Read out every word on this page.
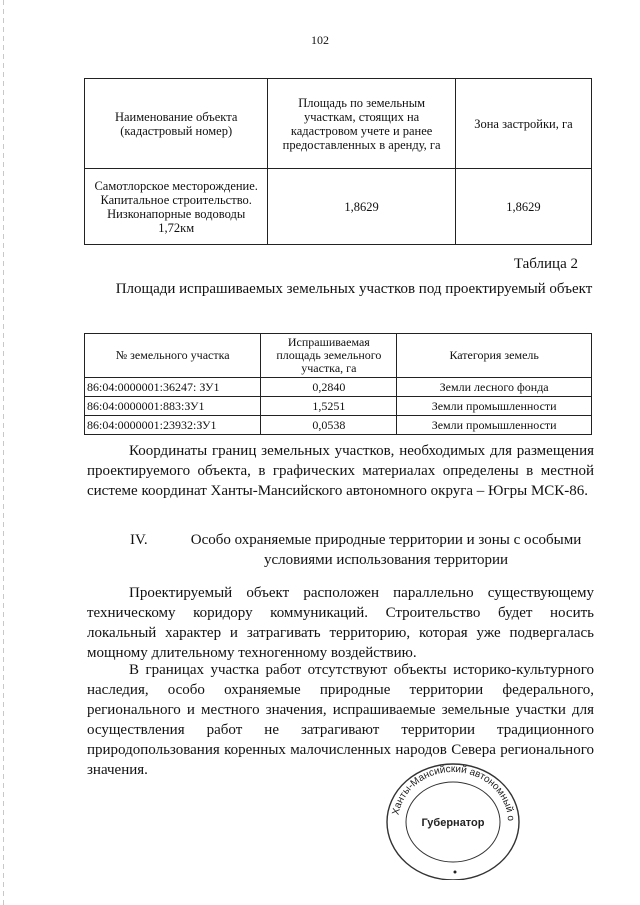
102
Наименование объекта (кадастровый номер)	Площадь по земельным участкам, стоящих на кадастровом учете и ранее предоставленных в аренду, га	Зона застройки, га
Самотлорское месторождение. Капитальное строительство. Низконапорные водоводы 1,72км	1,8629	1,8629
Таблица 2
Площади испрашиваемых земельных участков под проектируемый объект
№ земельного участка	Испрашиваемая площадь земельного участка, га	Категория земель
86:04:0000001:36247: ЗУ1	0,2840	Земли лесного фонда
86:04:0000001:883:ЗУ1	1,5251	Земли промышленности
86:04:0000001:23932:ЗУ1	0,0538	Земли промышленности
Координаты границ земельных участков, необходимых для размещения проектируемого объекта, в графических материалах определены в местной системе координат Ханты-Мансийского автономного округа – Югры МСК-86.
IV.	Особо охраняемые природные территории и зоны с особыми условиями использования территории
Проектируемый объект расположен параллельно существующему техническому коридору коммуникаций. Строительство будет носить локальный характер и затрагивать территорию, которая уже подвергалась мощному длительному техногенному воздействию.
В границах участка работ отсутствуют объекты историко-культурного наследия, особо охраняемые природные территории федерального, регионального и местного значения, испрашиваемые земельные участки для осуществления работ не затрагивают территории традиционного природопользования коренных малочисленных народов Севера регионального значения.
Ханты-Мансийский автономный о
Губернатор
